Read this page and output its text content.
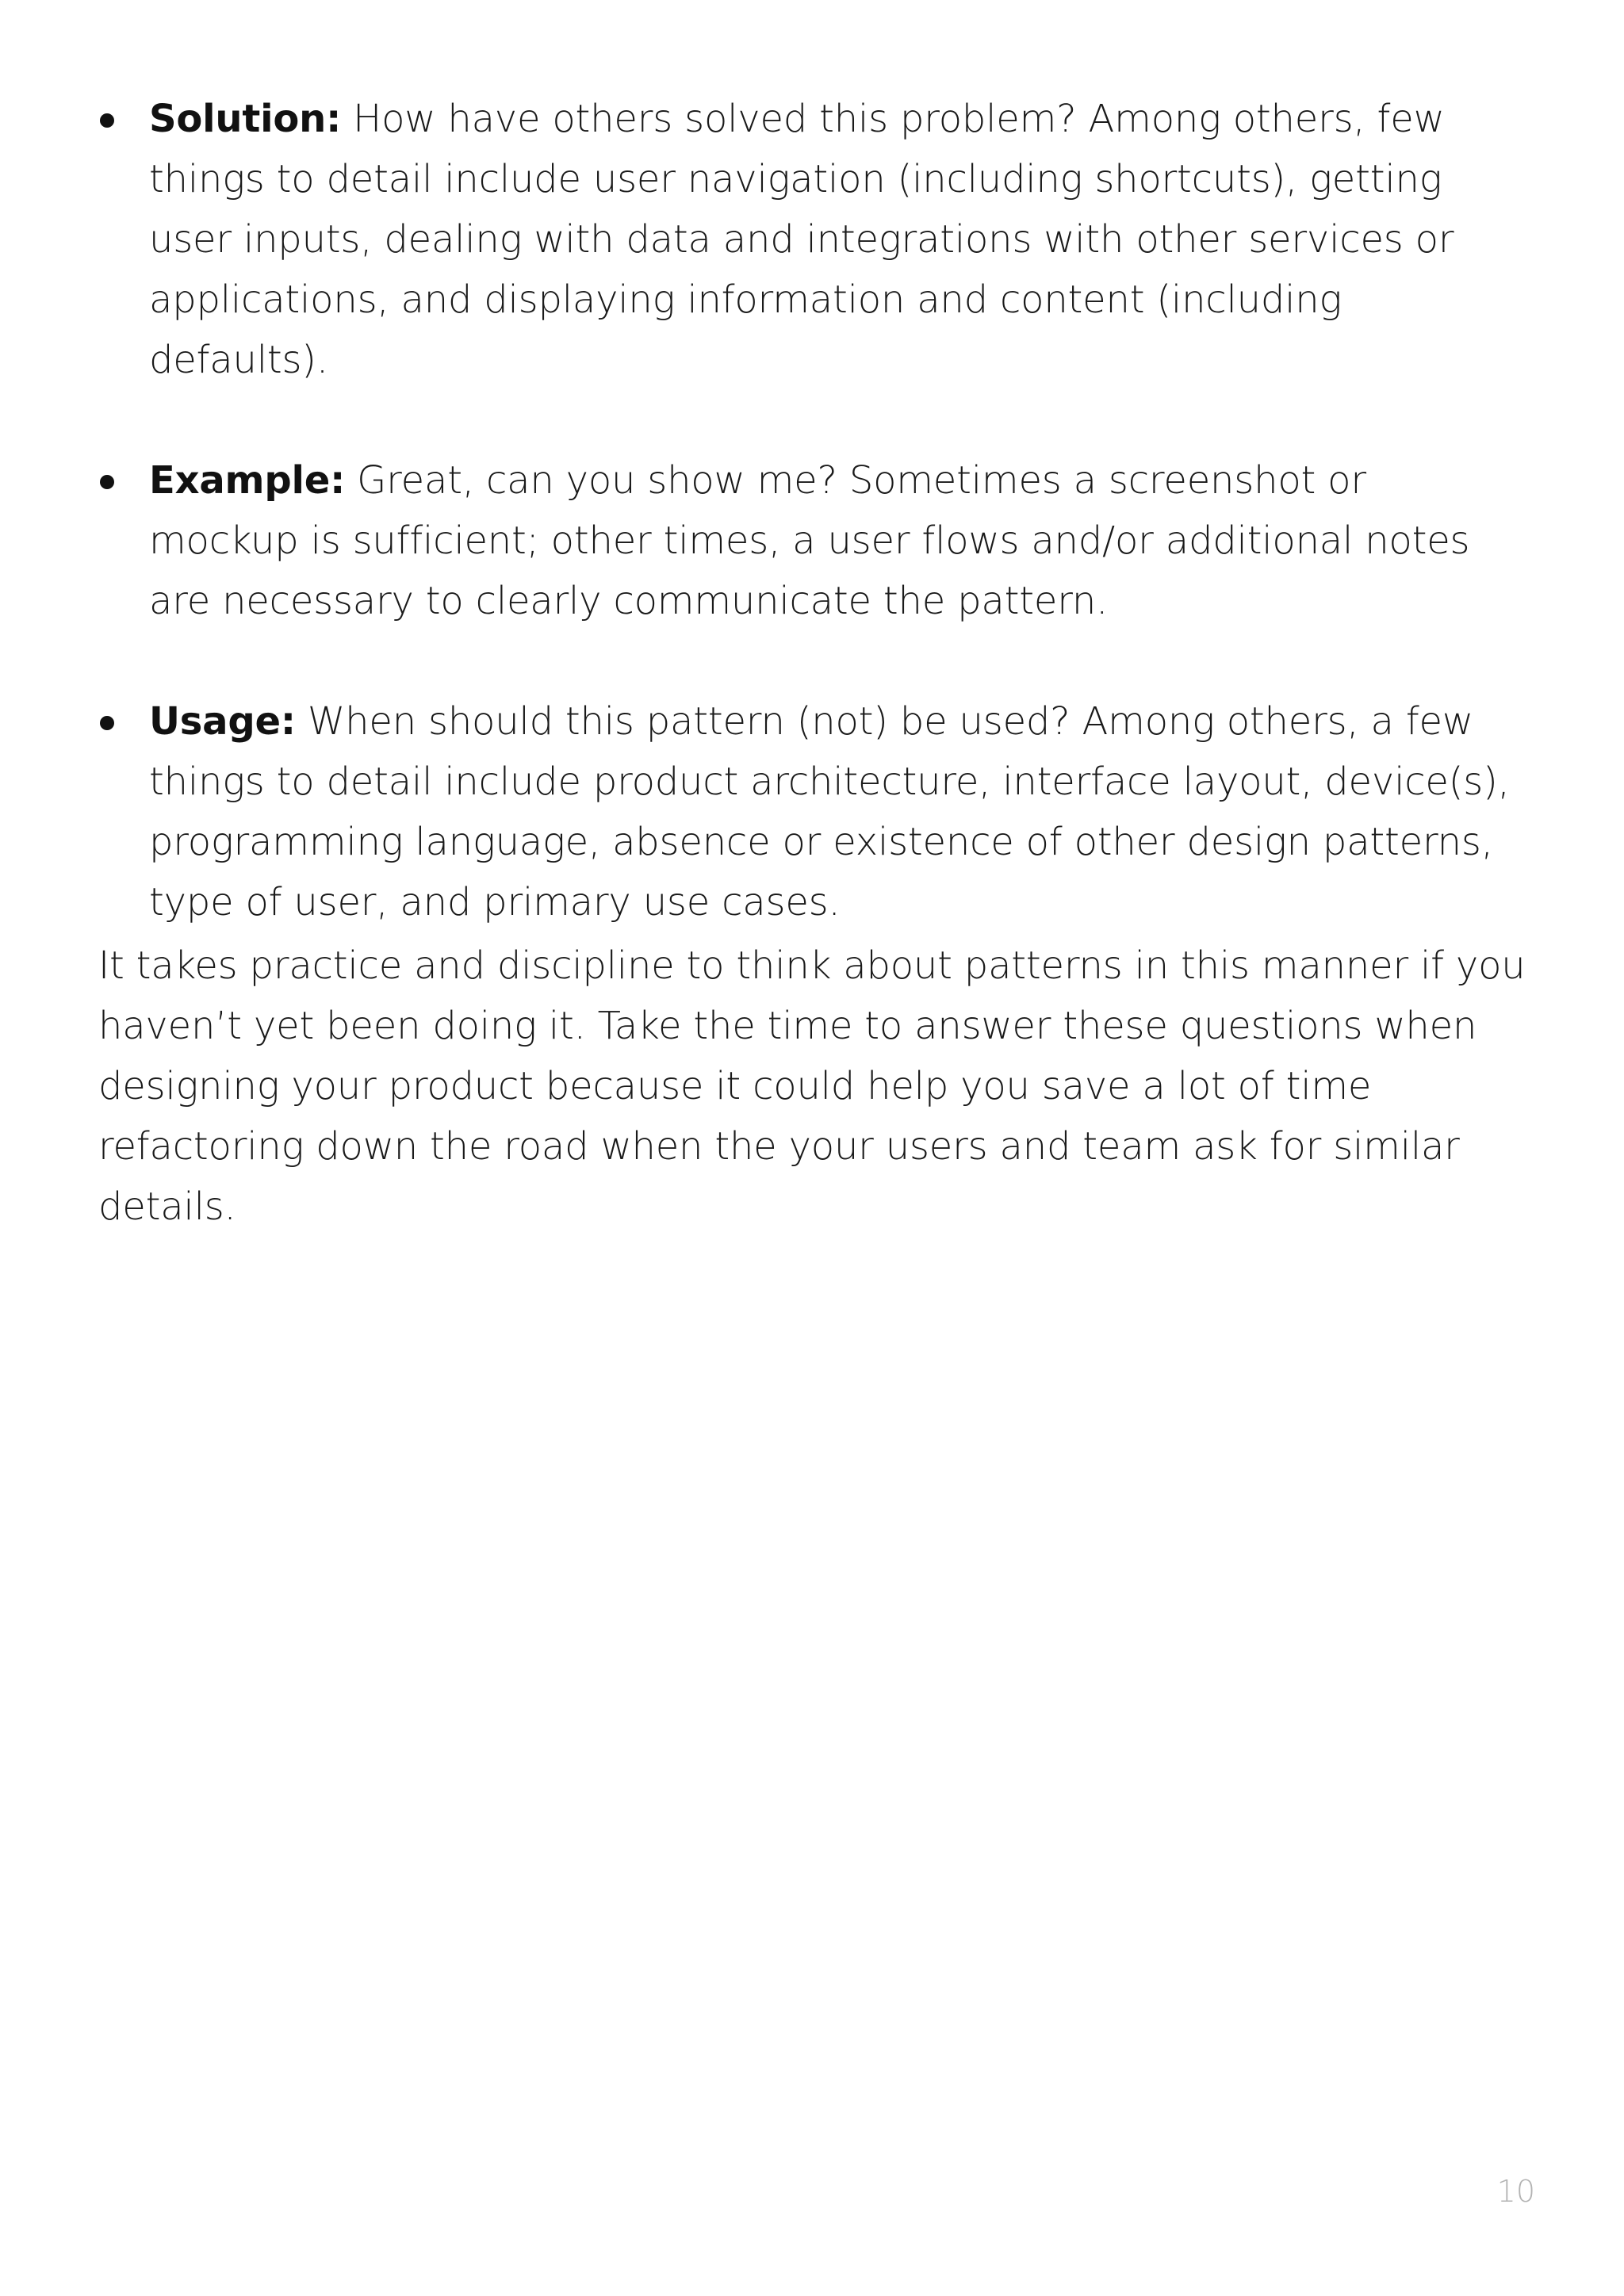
Solution: How have others solved this problem? Among others, few things to detail include user navigation (including shortcuts), getting user inputs, dealing with data and integrations with other services or applications, and displaying information and content (including defaults).
Example: Great, can you show me? Sometimes a screenshot or mockup is sufficient; other times, a user flows and/or additional notes are necessary to clearly communicate the pattern.
Usage: When should this pattern (not) be used? Among others, a few things to detail include product architecture, interface layout, device(s), programming language, absence or existence of other design patterns, type of user, and primary use cases.

It takes practice and discipline to think about patterns in this manner if you haven’t yet been doing it. Take the time to answer these questions when designing your product because it could help you save a lot of time refactoring down the road when the your users and team ask for similar details.

10
